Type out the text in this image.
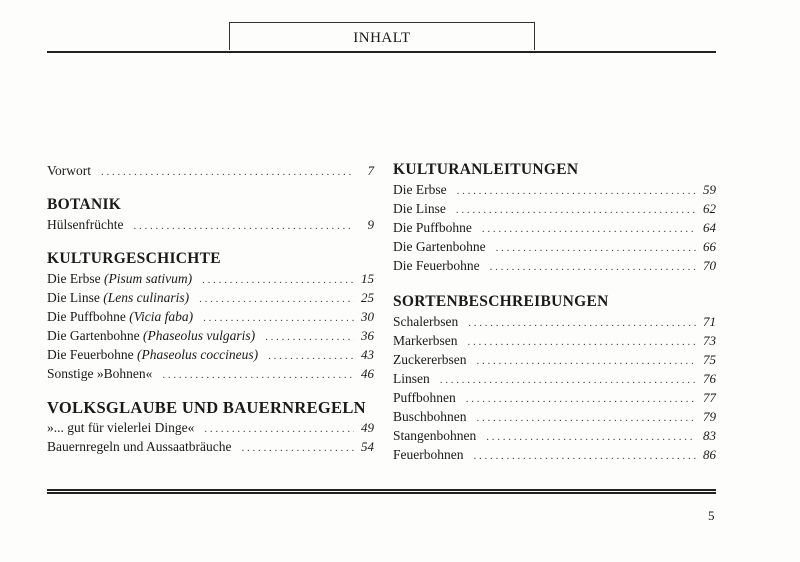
INHALT
Vorwort . . .	7
BOTANIK
Hülsenfrüchte . . .	9
KULTURGESCHICHTE
Die Erbse (Pisum sativum) . . .	15
Die Linse (Lens culinaris) . . .	25
Die Puffbohne (Vicia faba) . . .	30
Die Gartenbohne (Phaseolus vulgaris) . . .	36
Die Feuerbohne (Phaseolus coccineus) . . .	43
Sonstige »Bohnen« . . .	46
VOLKSGLAUBE UND BAUERNREGELN
»... gut für vielerlei Dinge« . . .	49
Bauernregeln und Aussaatbräuche . . .	54
KULTURANLEITUNGEN
Die Erbse . . .	59
Die Linse . . .	62
Die Puffbohne . . .	64
Die Gartenbohne . . .	66
Die Feuerbohne . . .	70
SORTENBESCHREIBUNGEN
Schalerbsen . . .	71
Markerbsen . . .	73
Zuckererbsen . . .	75
Linsen . . .	76
Puffbohnen . . .	77
Buschbohnen . . .	79
Stangenbohnen . . .	83
Feuerbohnen . . .	86
5
